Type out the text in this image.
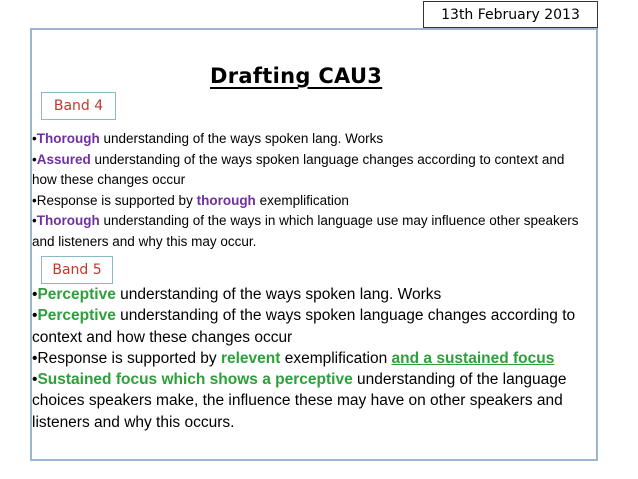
13th February 2013
Drafting CAU3
Band 4

•Thorough understanding of the ways spoken lang. Works

•Assured understanding of the ways spoken language changes according to context and how these changes occur

•Response is supported by thorough exemplification

•Thorough understanding of the ways in which language use may influence other speakers and listeners and why this may occur.

Band 5

•Perceptive understanding of the ways spoken lang. Works

•Perceptive understanding of the ways spoken language changes according to context and how these changes occur

•Response is supported by relevent exemplification and a sustained focus

•Sustained focus which shows a perceptive understanding of the language choices speakers make, the influence these may have on other speakers and listeners and why this occurs.
